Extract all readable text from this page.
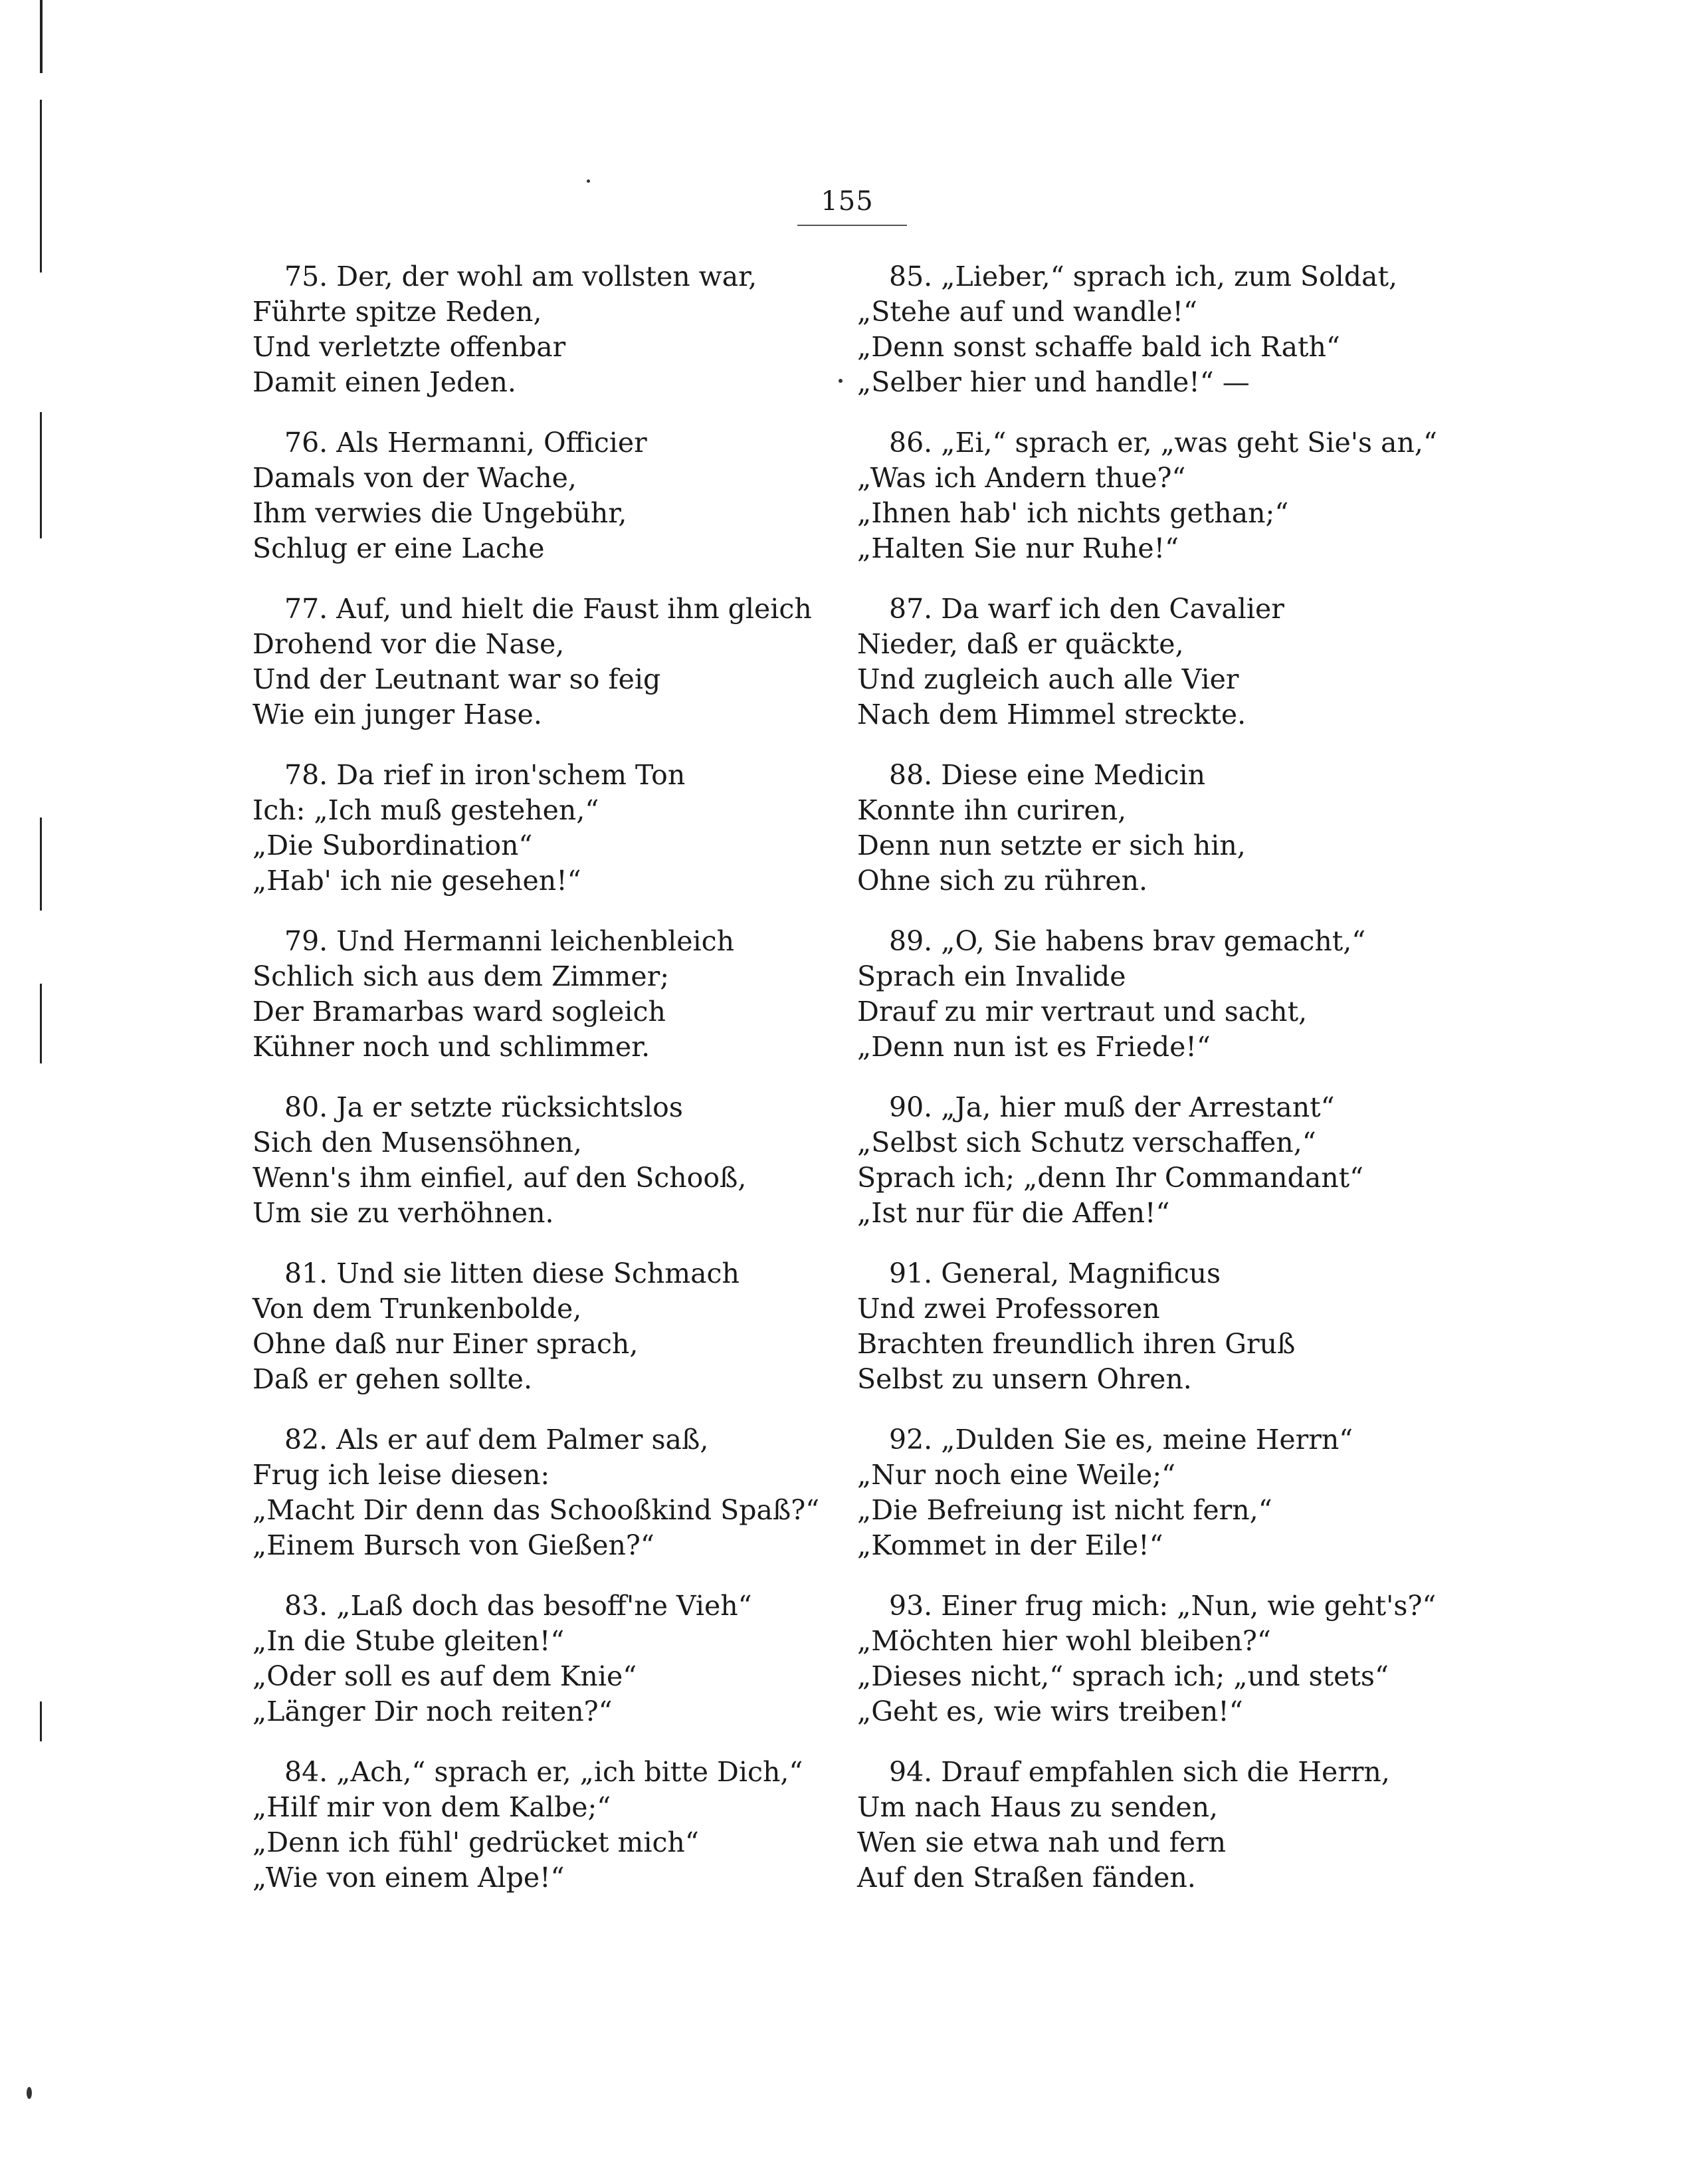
155
75. Der, der wohl am vollsten war,
Führte spitze Reden,
Und verletzte offenbar
Damit einen Jeden.
76. Als Hermanni, Officier
Damals von der Wache,
Ihm verwies die Ungebühr,
Schlug er eine Lache
77. Auf, und hielt die Faust ihm gleich
Drohend vor die Nase,
Und der Leutnant war so feig
Wie ein junger Hase.
78. Da rief in iron'schem Ton
Ich: „Ich muß gestehen,“
„Die Subordination“
„Hab' ich nie gesehen!“
79. Und Hermanni leichenbleich
Schlich sich aus dem Zimmer;
Der Bramarbas ward sogleich
Kühner noch und schlimmer.
80. Ja er setzte rücksichtslos
Sich den Musensöhnen,
Wenn's ihm einfiel, auf den Schooß,
Um sie zu verhöhnen.
81. Und sie litten diese Schmach
Von dem Trunkenbolde,
Ohne daß nur Einer sprach,
Daß er gehen sollte.
82. Als er auf dem Palmer saß,
Frug ich leise diesen:
„Macht Dir denn das Schooßkind Spaß?“
„Einem Bursch von Gießen?“
83. „Laß doch das besoff'ne Vieh“
„In die Stube gleiten!“
„Oder soll es auf dem Knie“
„Länger Dir noch reiten?“
84. „Ach,“ sprach er, „ich bitte Dich,“
„Hilf mir von dem Kalbe;“
„Denn ich fühl' gedrücket mich“
„Wie von einem Alpe!“
85. „Lieber,“ sprach ich, zum Soldat,
„Stehe auf und wandle!“
„Denn sonst schaffe bald ich Rath“
„Selber hier und handle!“ —
86. „Ei,“ sprach er, „was geht Sie's an,“
„Was ich Andern thue?“
„Ihnen hab' ich nichts gethan;“
„Halten Sie nur Ruhe!“
87. Da warf ich den Cavalier
Nieder, daß er quäckte,
Und zugleich auch alle Vier
Nach dem Himmel streckte.
88. Diese eine Medicin
Konnte ihn curiren,
Denn nun setzte er sich hin,
Ohne sich zu rühren.
89. „O, Sie habens brav gemacht,“
Sprach ein Invalide
Drauf zu mir vertraut und sacht,
„Denn nun ist es Friede!“
90. „Ja, hier muß der Arrestant“
„Selbst sich Schutz verschaffen,“
Sprach ich; „denn Ihr Commandant“
„Ist nur für die Affen!“
91. General, Magnificus
Und zwei Professoren
Brachten freundlich ihren Gruß
Selbst zu unsern Ohren.
92. „Dulden Sie es, meine Herrn“
„Nur noch eine Weile;“
„Die Befreiung ist nicht fern,“
„Kommet in der Eile!“
93. Einer frug mich: „Nun, wie geht's?“
„Möchten hier wohl bleiben?“
„Dieses nicht,“ sprach ich; „und stets“
„Geht es, wie wirs treiben!“
94. Drauf empfahlen sich die Herrn,
Um nach Haus zu senden,
Wen sie etwa nah und fern
Auf den Straßen fänden.
